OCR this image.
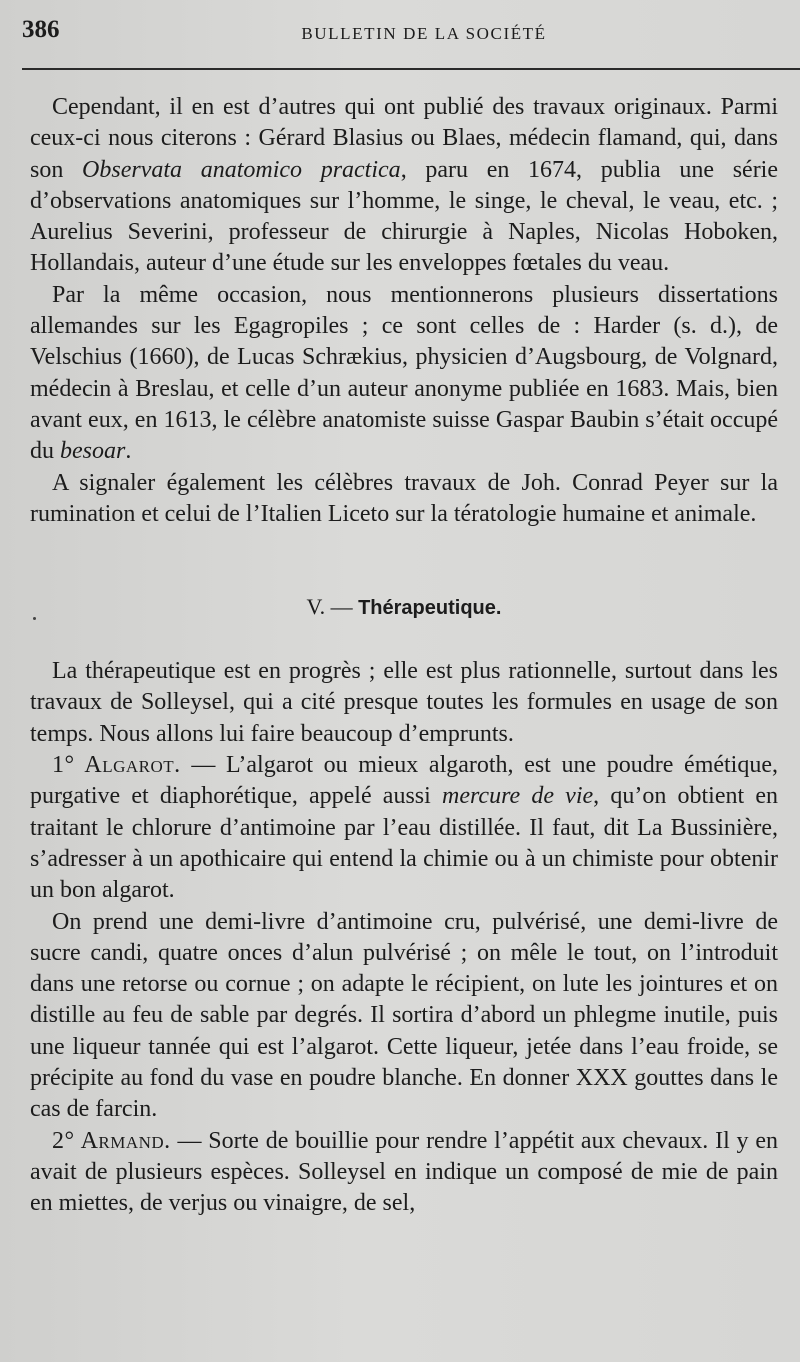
386	BULLETIN DE LA SOCIÉTÉ

Cependant, il en est d’autres qui ont publié des travaux originaux. Parmi ceux-ci nous citerons : Gérard Blasius ou Blaes, médecin flamand, qui, dans son Observata anatomico practica, paru en 1674, publia une série d’observations anatomiques sur l’homme, le singe, le cheval, le veau, etc. ; Aurelius Severini, professeur de chirurgie à Naples, Nicolas Hoboken, Hollandais, auteur d’une étude sur les enveloppes fœtales du veau.

Par la même occasion, nous mentionnerons plusieurs dissertations allemandes sur les Egagropiles ; ce sont celles de : Harder (s. d.), de Velschius (1660), de Lucas Schrækius, physicien d’Augsbourg, de Volgnard, médecin à Breslau, et celle d’un auteur anonyme publiée en 1683. Mais, bien avant eux, en 1613, le célèbre anatomiste suisse Gaspar Baubin s’était occupé du besoar.

A signaler également les célèbres travaux de Joh. Conrad Peyer sur la rumination et celui de l’Italien Liceto sur la tératologie humaine et animale.

V. — Thérapeutique.

La thérapeutique est en progrès ; elle est plus rationnelle, surtout dans les travaux de Solleysel, qui a cité presque toutes les formules en usage de son temps. Nous allons lui faire beaucoup d’emprunts.

1° Algarot. — L’algarot ou mieux algaroth, est une poudre émétique, purgative et diaphorétique, appelé aussi mercure de vie, qu’on obtient en traitant le chlorure d’antimoine par l’eau distillée. Il faut, dit La Bussinière, s’adresser à un apothicaire qui entend la chimie ou à un chimiste pour obtenir un bon algarot.

On prend une demi-livre d’antimoine cru, pulvérisé, une demi-livre de sucre candi, quatre onces d’alun pulvérisé ; on mêle le tout, on l’introduit dans une retorse ou cornue ; on adapte le récipient, on lute les jointures et on distille au feu de sable par degrés. Il sortira d’abord un phlegme inutile, puis une liqueur tannée qui est l’algarot. Cette liqueur, jetée dans l’eau froide, se précipite au fond du vase en poudre blanche. En donner XXX gouttes dans le cas de farcin.

2° Armand. — Sorte de bouillie pour rendre l’appétit aux chevaux. Il y en avait de plusieurs espèces. Solleysel en indique un composé de mie de pain en miettes, de verjus ou vinaigre, de sel,
